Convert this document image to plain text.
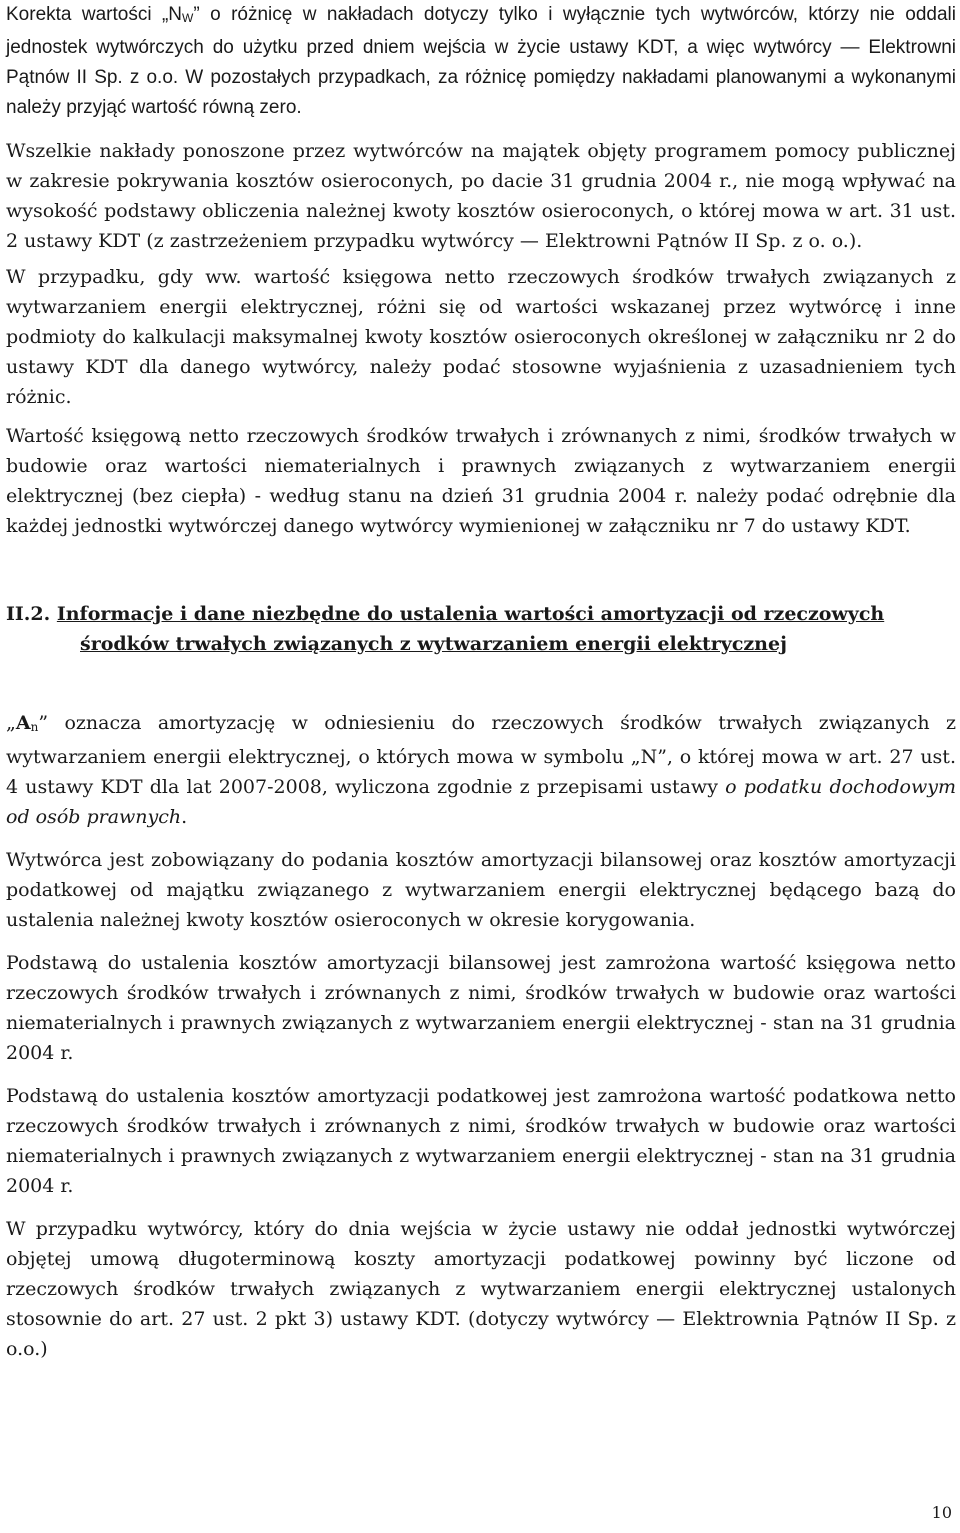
Korekta wartości „NW” o różnicę w nakładach dotyczy tylko i wyłącznie tych wytwórców, którzy nie oddali jednostek wytwórczych do użytku przed dniem wejścia w życie ustawy KDT, a więc wytwórcy — Elektrowni Pątnów II Sp. z o.o. W pozostałych przypadkach, za różnicę pomiędzy nakładami planowanymi a wykonanymi należy przyjąć wartość równą zero.

Wszelkie nakłady ponoszone przez wytwórców na majątek objęty programem pomocy publicznej w zakresie pokrywania kosztów osieroconych, po dacie 31 grudnia 2004 r., nie mogą wpływać na wysokość podstawy obliczenia należnej kwoty kosztów osieroconych, o której mowa w art. 31 ust. 2 ustawy KDT (z zastrzeżeniem przypadku wytwórcy — Elektrowni Pątnów II Sp. z o. o.).

W przypadku, gdy ww. wartość księgowa netto rzeczowych środków trwałych związanych z wytwarzaniem energii elektrycznej, różni się od wartości wskazanej przez wytwórcę i inne podmioty do kalkulacji maksymalnej kwoty kosztów osieroconych określonej w załączniku nr 2 do ustawy KDT dla danego wytwórcy, należy podać stosowne wyjaśnienia z uzasadnieniem tych różnic.

Wartość księgową netto rzeczowych środków trwałych i zrównanych z nimi, środków trwałych w budowie oraz wartości niematerialnych i prawnych związanych z wytwarzaniem energii elektrycznej (bez ciepła) - według stanu na dzień 31 grudnia 2004 r. należy podać odrębnie dla każdej jednostki wytwórczej danego wytwórcy wymienionej w załączniku nr 7 do ustawy KDT.

II.2. Informacje i dane niezbędne do ustalenia wartości amortyzacji od rzeczowych
środków trwałych związanych z wytwarzaniem energii elektrycznej

„An” oznacza amortyzację w odniesieniu do rzeczowych środków trwałych związanych z wytwarzaniem energii elektrycznej, o których mowa w symbolu „N”, o której mowa w art. 27 ust. 4 ustawy KDT dla lat 2007-2008, wyliczona zgodnie z przepisami ustawy o podatku dochodowym od osób prawnych.

Wytwórca jest zobowiązany do podania kosztów amortyzacji bilansowej oraz kosztów amortyzacji podatkowej od majątku związanego z wytwarzaniem energii elektrycznej będącego bazą do ustalenia należnej kwoty kosztów osieroconych w okresie korygowania.

Podstawą do ustalenia kosztów amortyzacji bilansowej jest zamrożona wartość księgowa netto rzeczowych środków trwałych i zrównanych z nimi, środków trwałych w budowie oraz wartości niematerialnych i prawnych związanych z wytwarzaniem energii elektrycznej - stan na 31 grudnia 2004 r.

Podstawą do ustalenia kosztów amortyzacji podatkowej jest zamrożona wartość podatkowa netto rzeczowych środków trwałych i zrównanych z nimi, środków trwałych w budowie oraz wartości niematerialnych i prawnych związanych z wytwarzaniem energii elektrycznej - stan na 31 grudnia 2004 r.

W przypadku wytwórcy, który do dnia wejścia w życie ustawy nie oddał jednostki wytwórczej objętej umową długoterminową koszty amortyzacji podatkowej powinny być liczone od rzeczowych środków trwałych związanych z wytwarzaniem energii elektrycznej ustalonych stosownie do art. 27 ust. 2 pkt 3) ustawy KDT. (dotyczy wytwórcy — Elektrownia Pątnów II Sp. z o.o.)

10
